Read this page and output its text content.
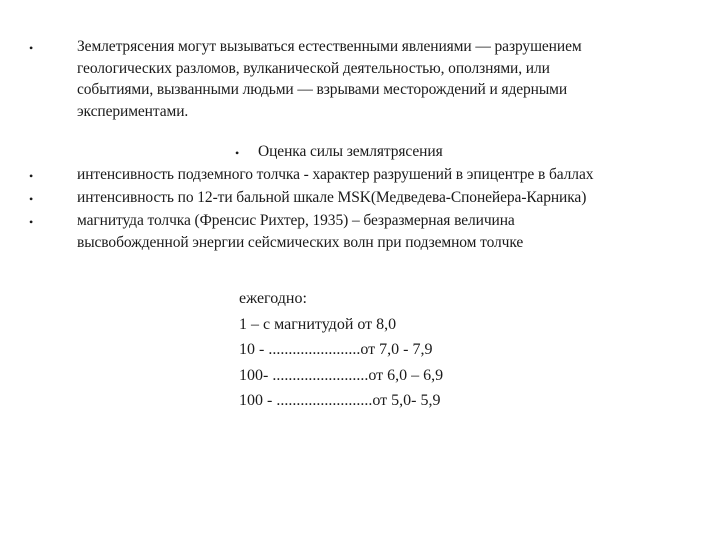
•	Землетрясения могут вызываться естественными явлениями — разрушением
геологических разломов, вулканической деятельностью, оползнями, или
событиями, вызванными людьми — взрывами месторождений и ядерными
экспериментами.
• Оценка силы землятрясения
•	интенсивность подземного толчка - характер разрушений в эпицентре в баллах
•	интенсивность по 12-ти бальной шкале MSK(Медведева-Спонейера-Карника)
•	магнитуда толчка (Френсис Рихтер, 1935) – безразмерная величина
высвобожденной энергии сейсмических волн при подземном толчке
ежегодно:
1 – с магнитудой от 8,0
10 - .......................от 7,0 - 7,9
100- ........................от 6,0 – 6,9
100 - ........................от 5,0- 5,9
